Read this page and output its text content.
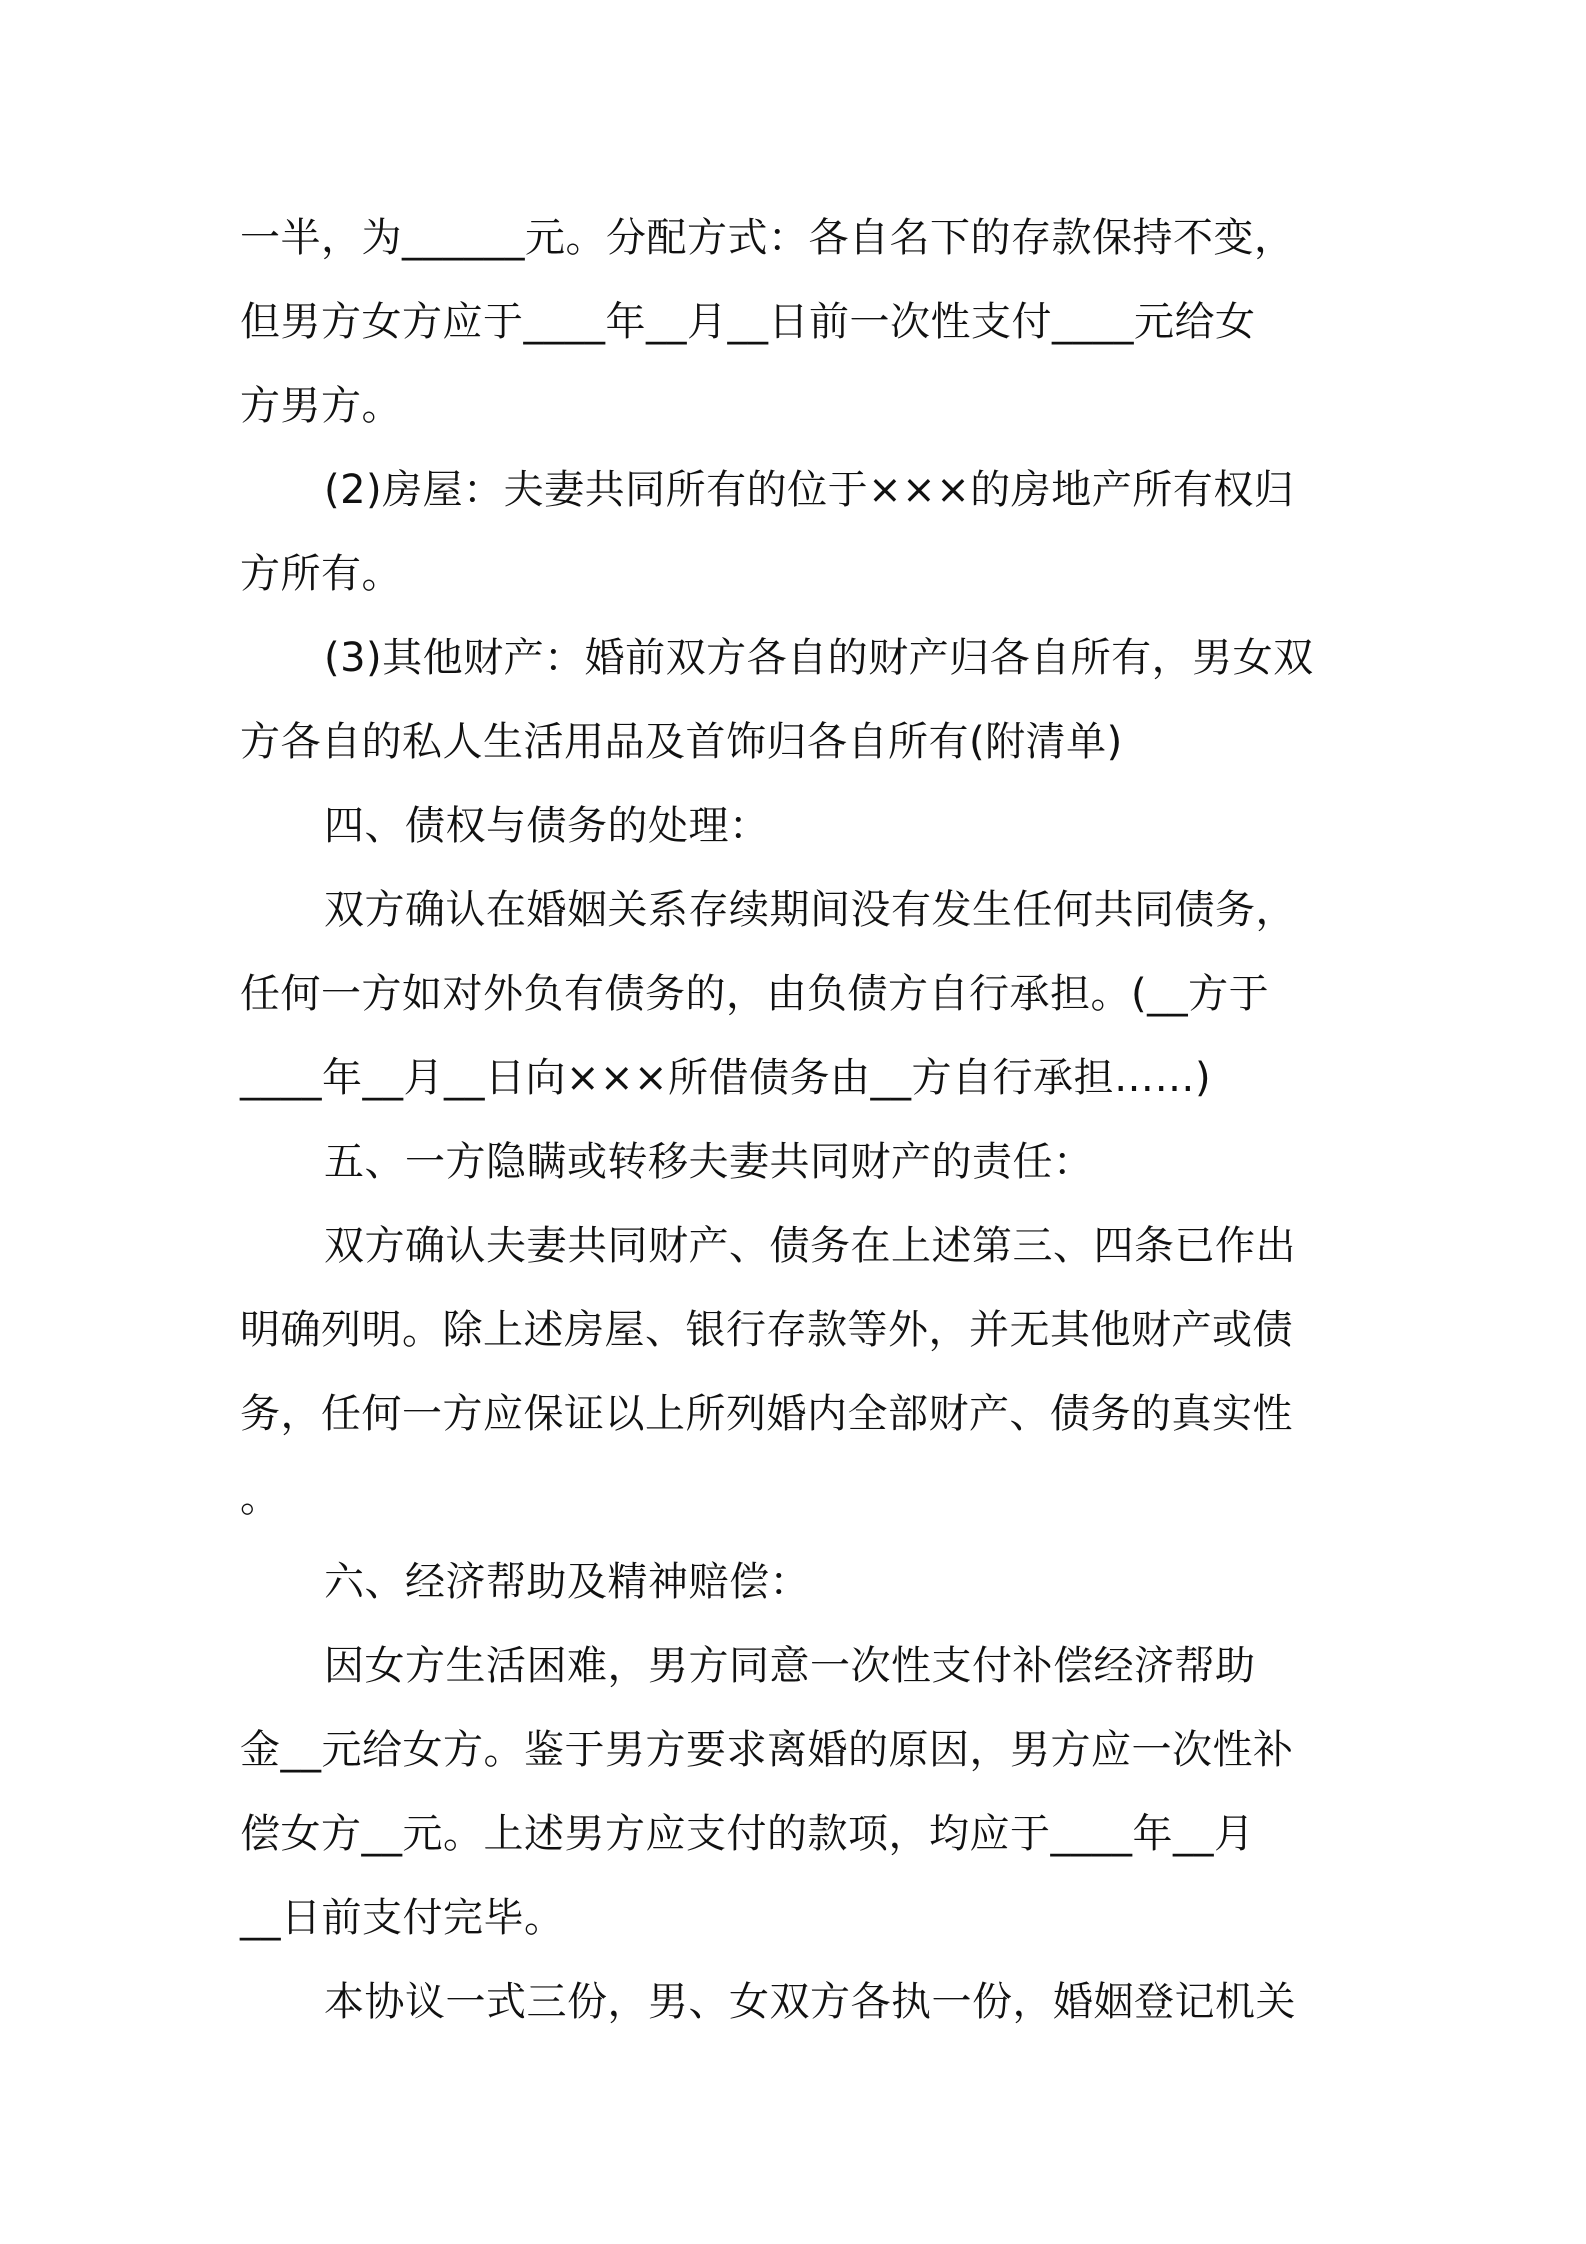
一半，为______元。分配方式：各自名下的存款保持不变，
但男方女方应于____年__月__日前一次性支付____元给女
方男方。
(2)房屋：夫妻共同所有的位于×××的房地产所有权归
方所有。
(3)其他财产：婚前双方各自的财产归各自所有，男女双
方各自的私人生活用品及首饰归各自所有(附清单)
四、债权与债务的处理：
双方确认在婚姻关系存续期间没有发生任何共同债务，
任何一方如对外负有债务的，由负债方自行承担。(__方于
____年__月__日向×××所借债务由__方自行承担……)
五、一方隐瞒或转移夫妻共同财产的责任：
双方确认夫妻共同财产、债务在上述第三、四条已作出
明确列明。除上述房屋、银行存款等外，并无其他财产或债
务，任何一方应保证以上所列婚内全部财产、债务的真实性
。
六、经济帮助及精神赔偿：
因女方生活困难，男方同意一次性支付补偿经济帮助
金__元给女方。鉴于男方要求离婚的原因，男方应一次性补
偿女方__元。上述男方应支付的款项，均应于____年__月
__日前支付完毕。
本协议一式三份，男、女双方各执一份，婚姻登记机关
